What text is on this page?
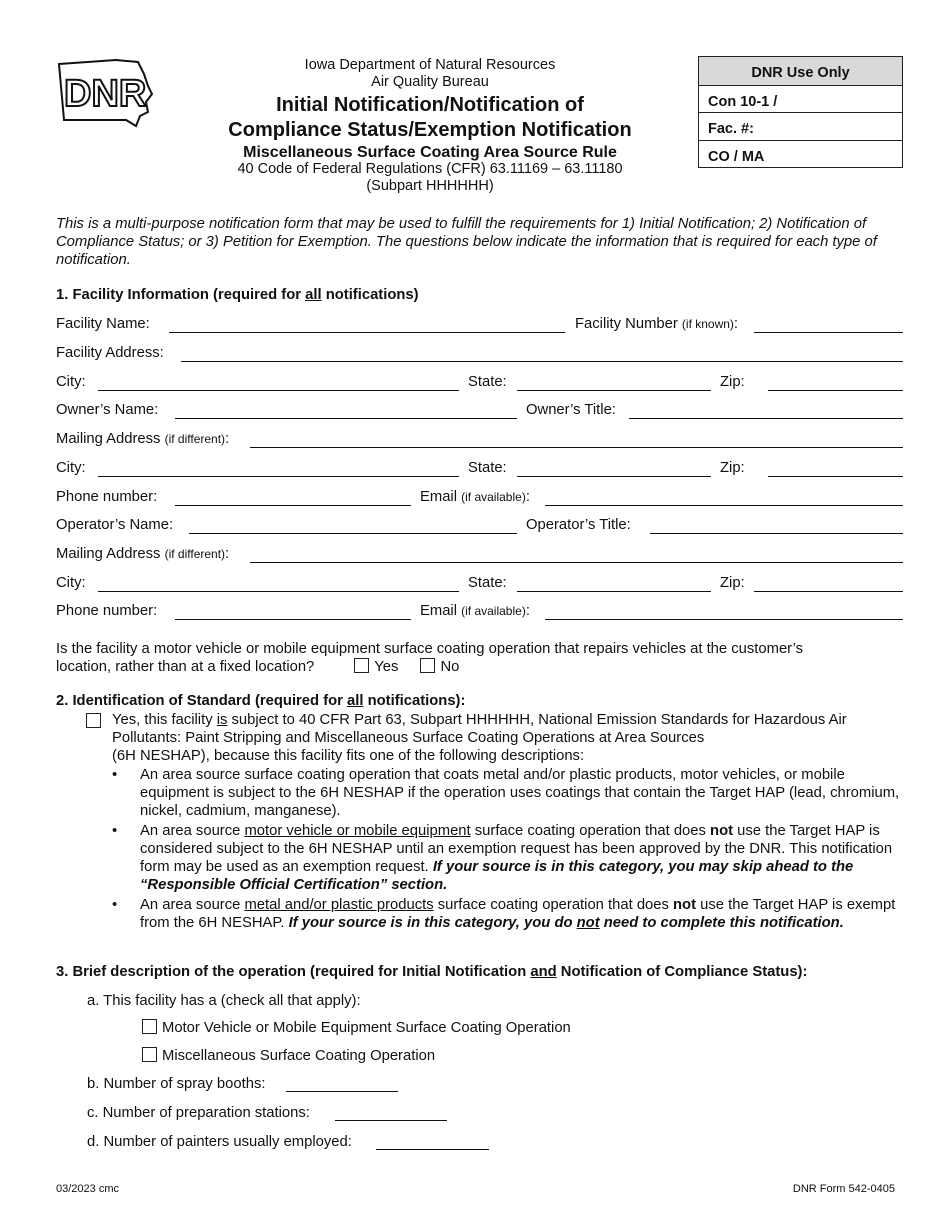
DNR
Iowa Department of Natural Resources
Air Quality Bureau
Initial Notification/Notification of
Compliance Status/Exemption Notification
Miscellaneous Surface Coating Area Source Rule
40 Code of Federal Regulations (CFR) 63.11169 – 63.11180
(Subpart HHHHHH)
DNR Use Only
Con 10-1 /
Fac. #:
CO / MA
This is a multi-purpose notification form that may be used to fulfill the requirements for 1) Initial Notification; 2) Notification of Compliance Status; or 3) Petition for Exemption. The questions below indicate the information that is required for each type of notification.
1. Facility Information (required for all notifications)
Facility Name:	Facility Number (if known):
Facility Address:
City:	State:	Zip:
Owner’s Name:	Owner’s Title:
Mailing Address (if different):
City:	State:	Zip:
Phone number:	Email (if available):
Operator’s Name:	Operator’s Title:
Mailing Address (if different):
City:	State:	Zip:
Phone number:	Email (if available):
Is the facility a motor vehicle or mobile equipment surface coating operation that repairs vehicles at the customer’s
location, rather than at a fixed location?	Yes	No
2. Identification of Standard (required for all notifications):
Yes, this facility is subject to 40 CFR Part 63, Subpart HHHHHH, National Emission Standards for Hazardous Air Pollutants: Paint Stripping and Miscellaneous Surface Coating Operations at Area Sources
(6H NESHAP), because this facility fits one of the following descriptions:
• An area source surface coating operation that coats metal and/or plastic products, motor vehicles, or mobile equipment is subject to the 6H NESHAP if the operation uses coatings that contain the Target HAP (lead, chromium, nickel, cadmium, manganese).
• An area source motor vehicle or mobile equipment surface coating operation that does not use the Target HAP is considered subject to the 6H NESHAP until an exemption request has been approved by the DNR. This notification form may be used as an exemption request. If your source is in this category, you may skip ahead to the “Responsible Official Certification” section.
• An area source metal and/or plastic products surface coating operation that does not use the Target HAP is exempt from the 6H NESHAP. If your source is in this category, you do not need to complete this notification.
3. Brief description of the operation (required for Initial Notification and Notification of Compliance Status):
a. This facility has a (check all that apply):
Motor Vehicle or Mobile Equipment Surface Coating Operation
Miscellaneous Surface Coating Operation
b. Number of spray booths:
c. Number of preparation stations:
d. Number of painters usually employed:
03/2023 cmc	DNR Form 542-0405
